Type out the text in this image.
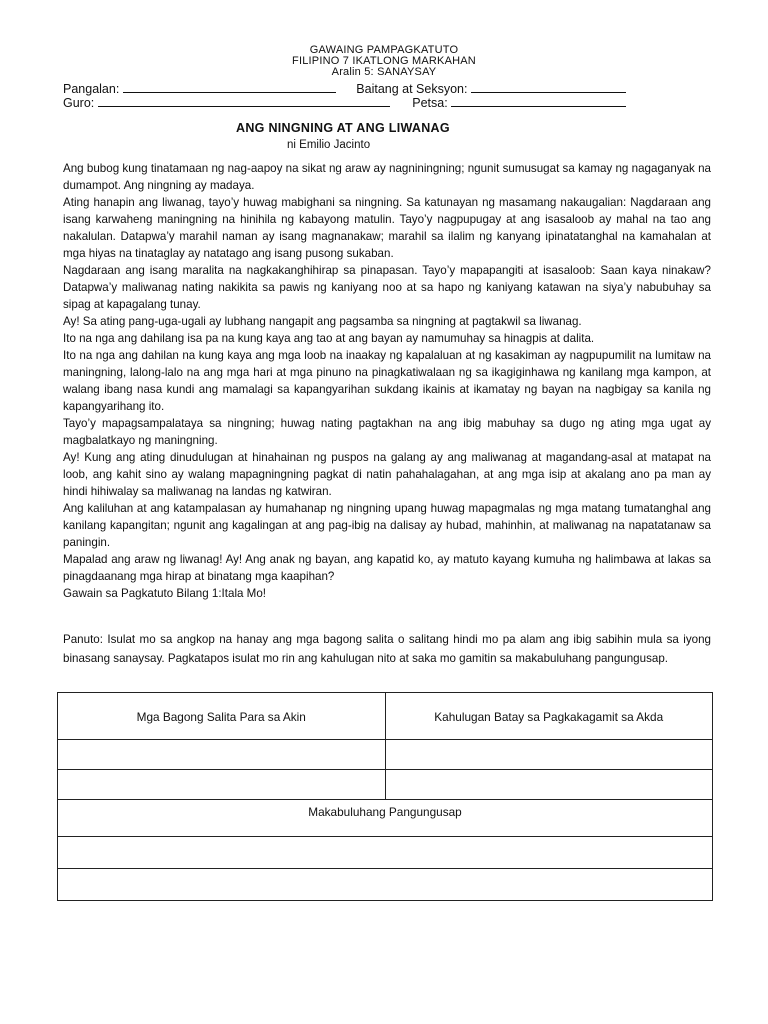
GAWAING PAMPAGKATUTO
FILIPINO 7 IKATLONG MARKAHAN
Aralin 5: SANAYSAY
Pangalan:	Baitang at Seksyon:
Guro:	Petsa:
ANG NINGNING AT ANG LIWANAG
ni Emilio Jacinto

Ang bubog kung tinatamaan ng nag-aapoy na sikat ng araw ay nagniningning; ngunit sumusugat sa kamay ng nagaganyak na dumampot. Ang ningning ay madaya.

Ating hanapin ang liwanag, tayo’y huwag mabighani sa ningning. Sa katunayan ng masamang nakaugalian: Nagdaraan ang isang karwaheng maningning na hinihila ng kabayong matulin. Tayo’y nagpupugay at ang isasaloob ay mahal na tao ang nakalulan. Datapwa’y marahil naman ay isang magnanakaw; marahil sa ilalim ng kanyang ipinatatanghal na kamahalan at mga hiyas na tinataglay ay natatago ang isang pusong sukaban.

Nagdaraan ang isang maralita na nagkakanghihirap sa pinapasan. Tayo’y mapapangiti at isasaloob: Saan kaya ninakaw? Datapwa’y maliwanag nating nakikita sa pawis ng kaniyang noo at sa hapo ng kaniyang katawan na siya’y nabubuhay sa sipag at kapagalang tunay.

Ay! Sa ating pang-uga-ugali ay lubhang nangapit ang pagsamba sa ningning at pagtakwil sa liwanag.

Ito na nga ang dahilang isa pa na kung kaya ang tao at ang bayan ay namumuhay sa hinagpis at dalita.

Ito na nga ang dahilan na kung kaya ang mga loob na inaakay ng kapalaluan at ng kasakiman ay nagpupumilit na lumitaw na maningning, lalong-lalo na ang mga hari at mga pinuno na pinagkatiwalaan ng sa ikagiginhawa ng kanilang mga kampon, at walang ibang nasa kundi ang mamalagi sa kapangyarihan sukdang ikainis at ikamatay ng bayan na nagbigay sa kanila ng kapangyarihang ito.

Tayo’y mapagsampalataya sa ningning; huwag nating pagtakhan na ang ibig mabuhay sa dugo ng ating mga ugat ay magbalatkayo ng maningning.

Ay! Kung ang ating dinudulugan at hinahainan ng puspos na galang ay ang maliwanag at magandang-asal at matapat na loob, ang kahit sino ay walang mapagningning pagkat di natin pahahalagahan, at ang mga isip at akalang ano pa man ay hindi hihiwalay sa maliwanag na landas ng katwiran.

Ang kaliluhan at ang katampalasan ay humahanap ng ningning upang huwag mapagmalas ng mga matang tumatanghal ang kanilang kapangitan; ngunit ang kagalingan at ang pag-ibig na dalisay ay hubad, mahinhin, at maliwanag na napatatanaw sa paningin.

Mapalad ang araw ng liwanag! Ay! Ang anak ng bayan, ang kapatid ko, ay matuto kayang kumuha ng halimbawa at lakas sa pinagdaanang mga hirap at binatang mga kaapihan?

Gawain sa Pagkatuto Bilang 1:Itala Mo!

Panuto: Isulat mo sa angkop na hanay ang mga bagong salita o salitang hindi mo pa alam ang ibig sabihin mula sa iyong binasang sanaysay. Pagkatapos isulat mo rin ang kahulugan nito at saka mo gamitin sa makabuluhang pangungusap.

Mga Bagong Salita Para sa Akin	Kahulugan Batay sa Pagkakagamit sa Akda

Makabuluhang Pangungusap	
